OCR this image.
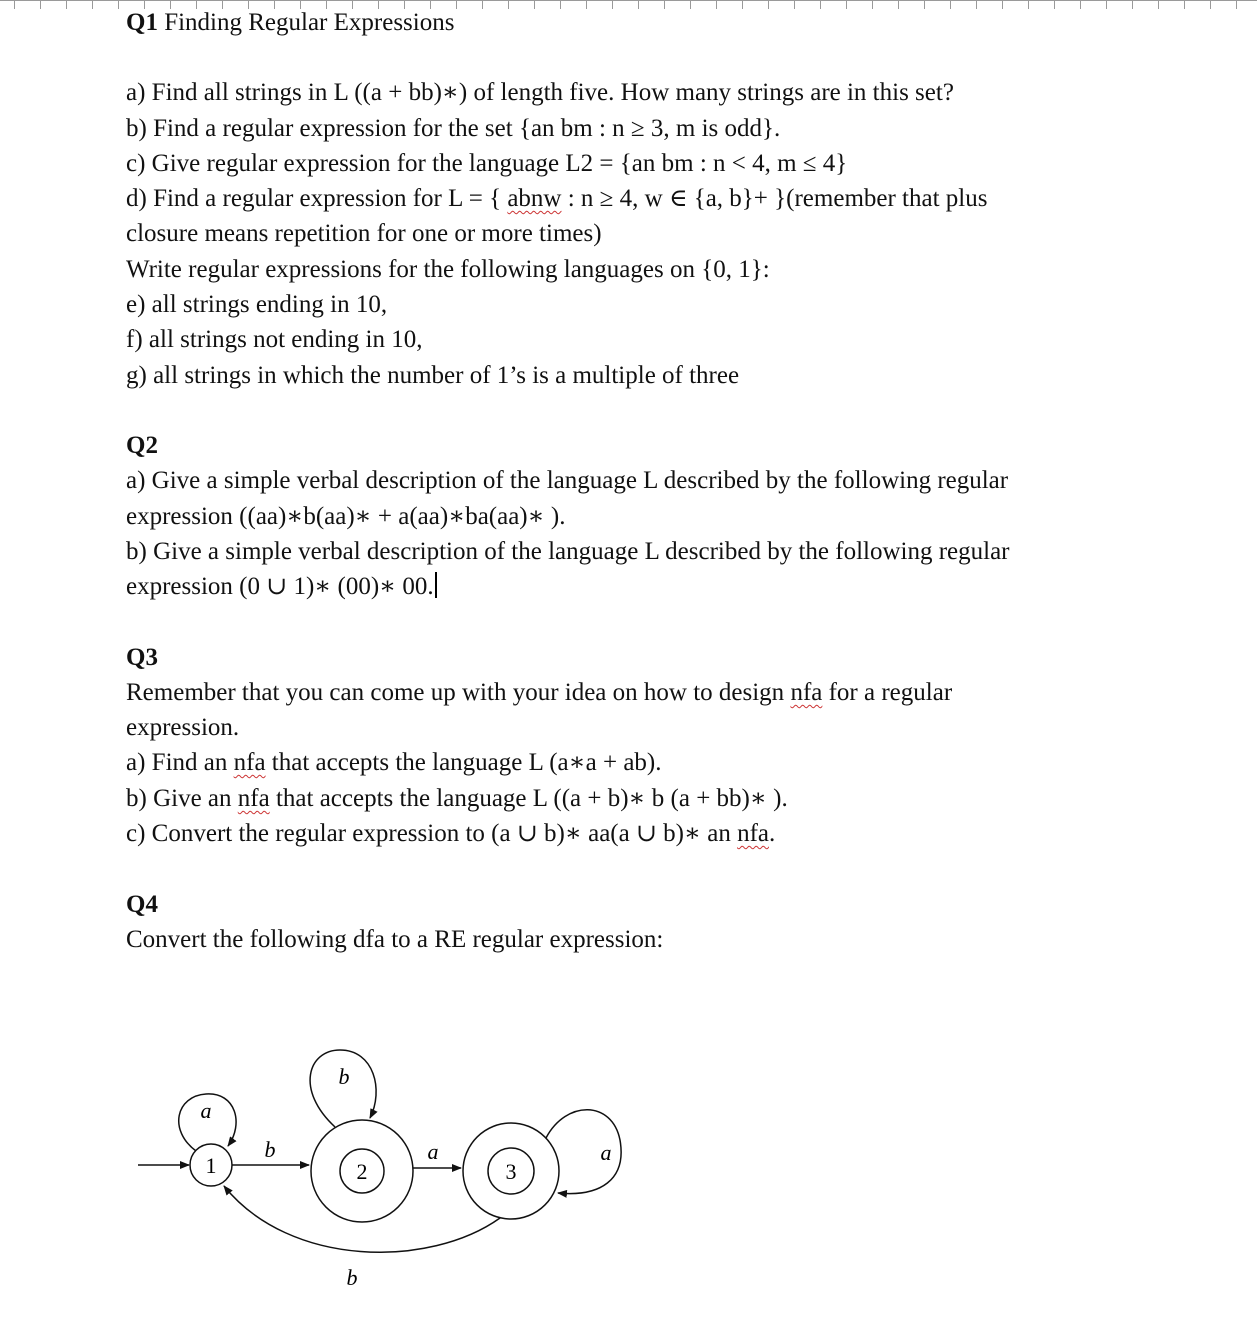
Q1 Finding Regular Expressions
a) Find all strings in L ((a + bb)∗) of length five. How many strings are in this set?
b) Find a regular expression for the set {an bm : n ≥ 3, m is odd}.
c) Give regular expression for the language L2 = {an bm : n < 4, m ≤ 4}
d) Find a regular expression for L = { abnw : n ≥ 4, w ∈ {a, b}+ }(remember that plus
closure means repetition for one or more times)
Write regular expressions for the following languages on {0, 1}:
e) all strings ending in 10,
f) all strings not ending in 10,
g) all strings in which the number of 1’s is a multiple of three
Q2
a) Give a simple verbal description of the language L described by the following regular
expression ((aa)∗b(aa)∗ + a(aa)∗ba(aa)∗ ).
b) Give a simple verbal description of the language L described by the following regular
expression (0 ∪ 1)∗ (00)∗ 00.
Q3
Remember that you can come up with your idea on how to design nfa for a regular
expression.
a) Find an nfa that accepts the language L (a∗a + ab).
b) Give an nfa that accepts the language L ((a + b)∗ b (a + bb)∗ ).
c) Convert the regular expression to (a ∪ b)∗ aa(a ∪ b)∗ an nfa.
Q4
Convert the following dfa to a RE regular expression:
1	2	3
a
b
a
b	a
b
